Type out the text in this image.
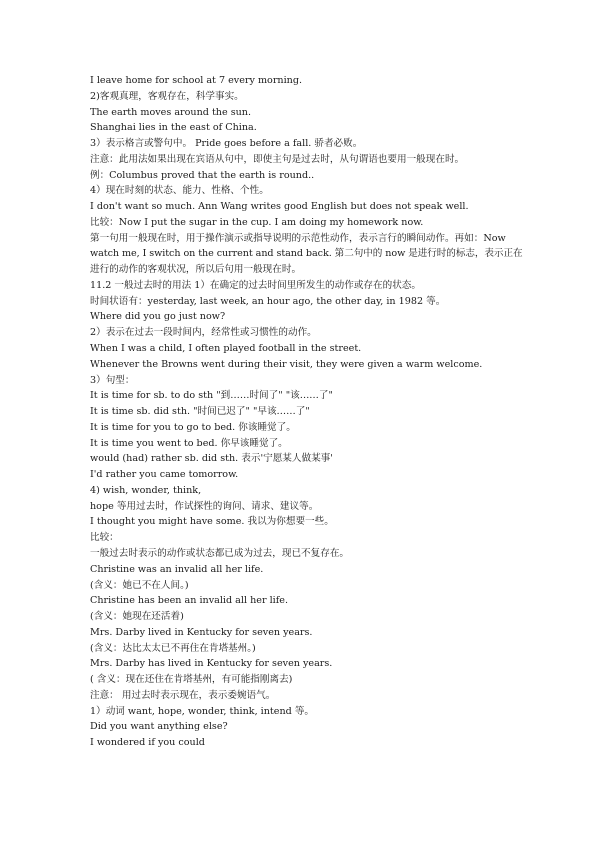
I leave home for school at 7 every morning.
2)客观真理，客观存在，科学事实。
The earth moves around the sun.
Shanghai lies in the east of China.
3）表示格言或警句中。 Pride goes before a fall. 骄者必败。
注意：此用法如果出现在宾语从句中，即使主句是过去时，从句谓语也要用一般现在时。
例：Columbus proved that the earth is round..
4）现在时刻的状态、能力、性格、个性。
I don't want so much. Ann Wang writes good English but does not speak well.
比较：Now I put the sugar in the cup. I am doing my homework now.
第一句用一般现在时，用于操作演示或指导说明的示范性动作，表示言行的瞬间动作。再如：Now
watch me, I switch on the current and stand back. 第二句中的 now 是进行时的标志，表示正在
进行的动作的客观状况，所以后句用一般现在时。
11.2 一般过去时的用法 1）在确定的过去时间里所发生的动作或存在的状态。
时间状语有：yesterday, last week, an hour ago, the other day, in 1982 等。
Where did you go just now?
2）表示在过去一段时间内，经常性或习惯性的动作。
When I was a child, I often played football in the street.
Whenever the Browns went during their visit, they were given a warm welcome.
3）句型：
It is time for sb. to do sth "到……时间了" "该……了"
It is time sb. did sth. "时间已迟了" "早该……了"
It is time for you to go to bed. 你该睡觉了。
It is time you went to bed. 你早该睡觉了。
would (had) rather sb. did sth. 表示'宁愿某人做某事'
I'd rather you came tomorrow.
4) wish, wonder, think,
hope 等用过去时，作试探性的询问、请求、建议等。
I thought you might have some. 我以为你想要一些。
比较：
一般过去时表示的动作或状态都已成为过去，现已不复存在。
Christine was an invalid all her life.
(含义：她已不在人间。)
Christine has been an invalid all her life.
(含义：她现在还活着)
Mrs. Darby lived in Kentucky for seven years.
(含义：达比太太已不再住在肯塔基州。)
Mrs. Darby has lived in Kentucky for seven years.
( 含义：现在还住在肯塔基州，有可能指刚离去)
注意： 用过去时表示现在，表示委婉语气。
1）动词 want, hope, wonder, think, intend 等。
Did you want anything else?
I wondered if you could
